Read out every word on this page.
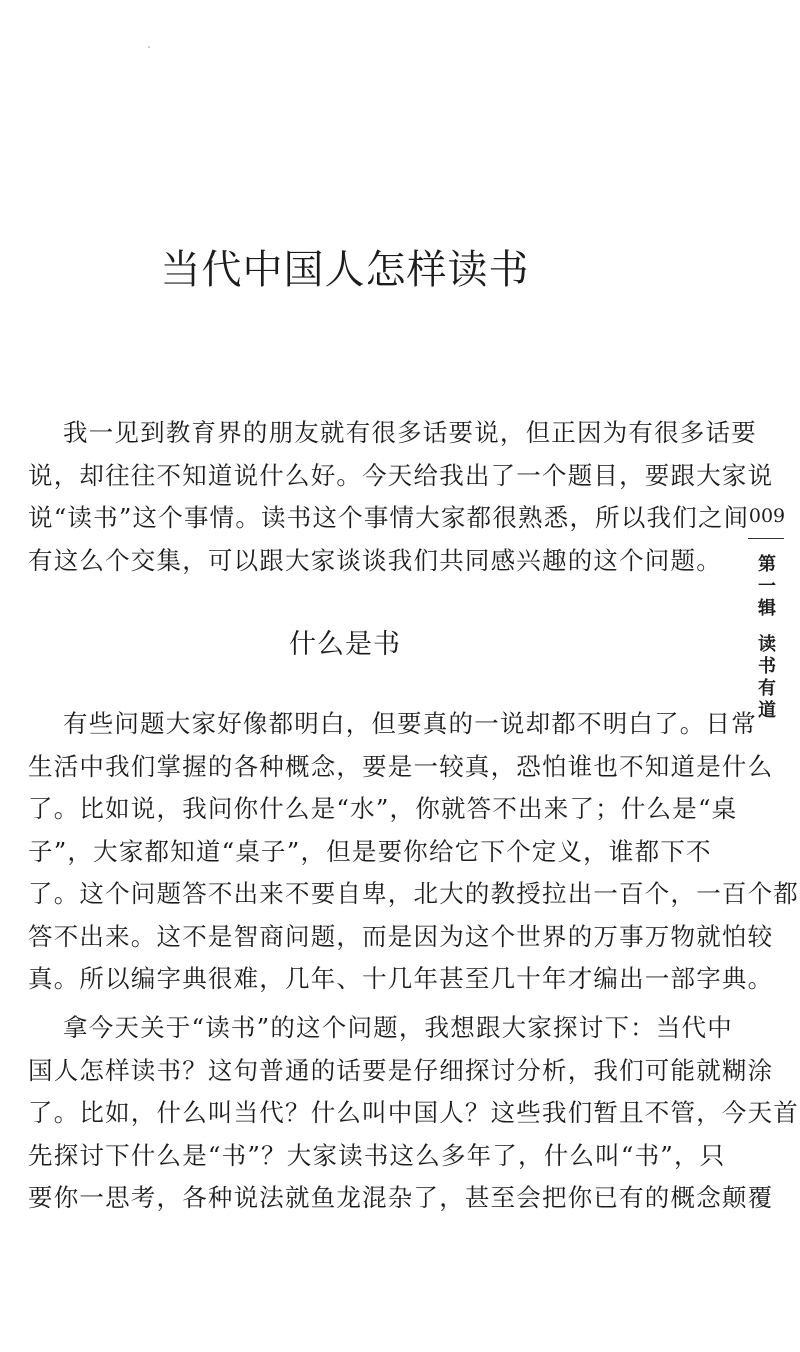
当代中国人怎样读书
我一见到教育界的朋友就有很多话要说，但正因为有很多话要
说，却往往不知道说什么好。今天给我出了一个题目，要跟大家说
说“读书”这个事情。读书这个事情大家都很熟悉，所以我们之间
有这么个交集，可以跟大家谈谈我们共同感兴趣的这个问题。
什么是书
有些问题大家好像都明白，但要真的一说却都不明白了。日常
生活中我们掌握的各种概念，要是一较真，恐怕谁也不知道是什么
了。比如说，我问你什么是“水”，你就答不出来了；什么是“桌
子”，大家都知道“桌子”，但是要你给它下个定义，谁都下不
了。这个问题答不出来不要自卑，北大的教授拉出一百个，一百个都
答不出来。这不是智商问题，而是因为这个世界的万事万物就怕较
真。所以编字典很难，几年、十几年甚至几十年才编出一部字典。
拿今天关于“读书”的这个问题，我想跟大家探讨下：当代中
国人怎样读书？这句普通的话要是仔细探讨分析，我们可能就糊涂
了。比如，什么叫当代？什么叫中国人？这些我们暂且不管，今天首
先探讨下什么是“书”？大家读书这么多年了，什么叫“书”，只
要你一思考，各种说法就鱼龙混杂了，甚至会把你已有的概念颠覆
009
第
一
辑
读
书
有
道
